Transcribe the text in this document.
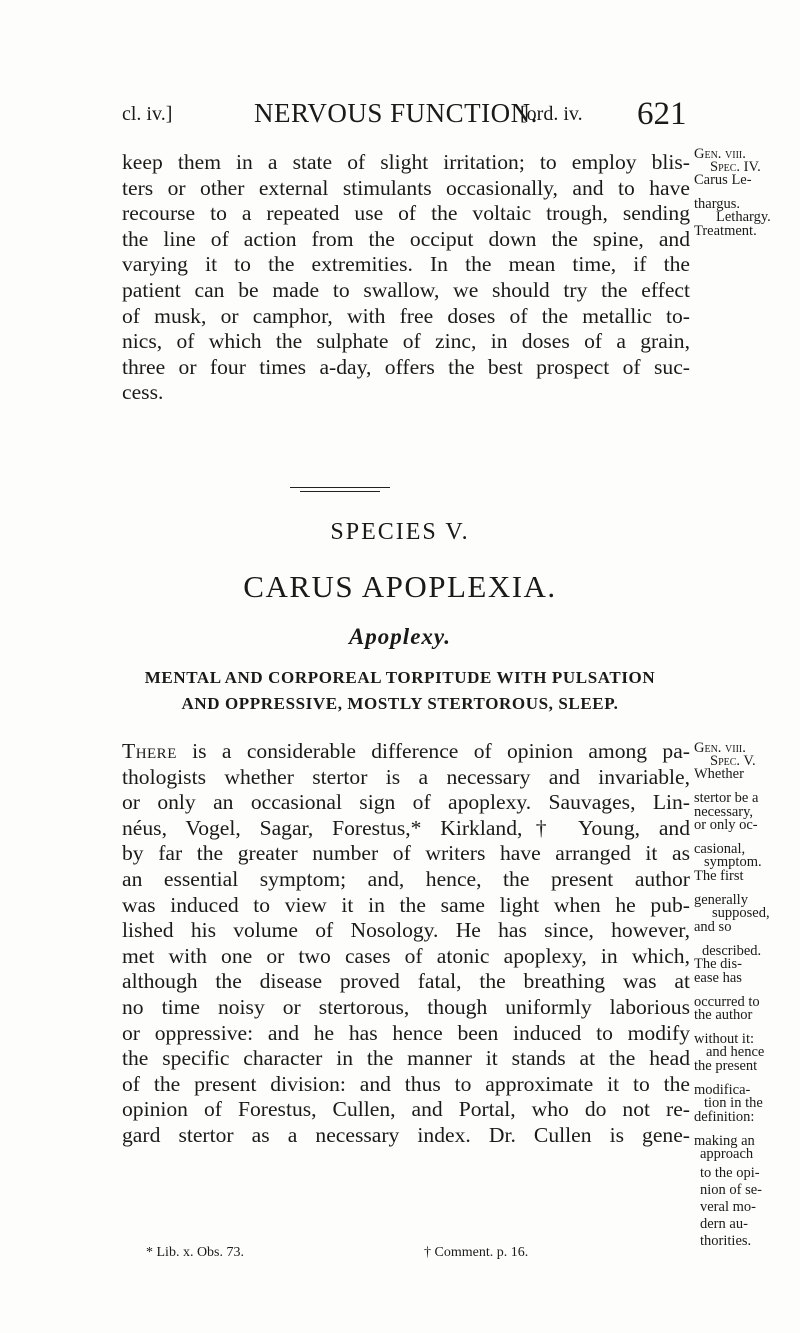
cl. iv.]	NERVOUS FUNCTION.
[ord. iv. 621
keep them in a state of slight irritation; to employ blis-
ters or other external stimulants occasionally, and to have
recourse to a repeated use of the voltaic trough, sending
the line of action from the occiput down the spine, and
varying it to the extremities. In the mean time, if the
patient can be made to swallow, we should try the effect
of musk, or camphor, with free doses of the metallic to-
nics, of which the sulphate of zinc, in doses of a grain,
three or four times a-day, offers the best prospect of suc-
cess.
Gen. viii.
Spec. IV.
Carus Le-
thargus.
Lethargy.
Treatment.
SPECIES V.
CARUS APOPLEXIA.
Apoplexy.
MENTAL AND CORPOREAL TORPITUDE WITH PULSATION
AND OPPRESSIVE, MOSTLY STERTOROUS, SLEEP.
There is a considerable difference of opinion among pa-
thologists whether stertor is a necessary and invariable,
or only an occasional sign of apoplexy. Sauvages, Lin-
néus, Vogel, Sagar, Forestus,* Kirkland,† Young, and
by far the greater number of writers have arranged it as
an essential symptom; and, hence, the present author
was induced to view it in the same light when he pub-
lished his volume of Nosology. He has since, however,
met with one or two cases of atonic apoplexy, in which,
although the disease proved fatal, the breathing was at
no time noisy or stertorous, though uniformly laborious
or oppressive: and he has hence been induced to modify
the specific character in the manner it stands at the head
of the present division: and thus to approximate it to the
opinion of Forestus, Cullen, and Portal, who do not re-
gard stertor as a necessary index. Dr. Cullen is gene-
Gen. viii.
Spec. V.
Whether
stertor be a
necessary,
or only oc-
casional,
symptom.
The first
generally
supposed,
and so
described.
The dis-
ease has
occurred to
the author
without it:
and hence
the present
modifica-
tion in the
definition:
making an
approach
to the opi-
nion of se-
veral mo-
dern au-
thorities.
* Lib. x. Obs. 73.	† Comment. p. 16.
